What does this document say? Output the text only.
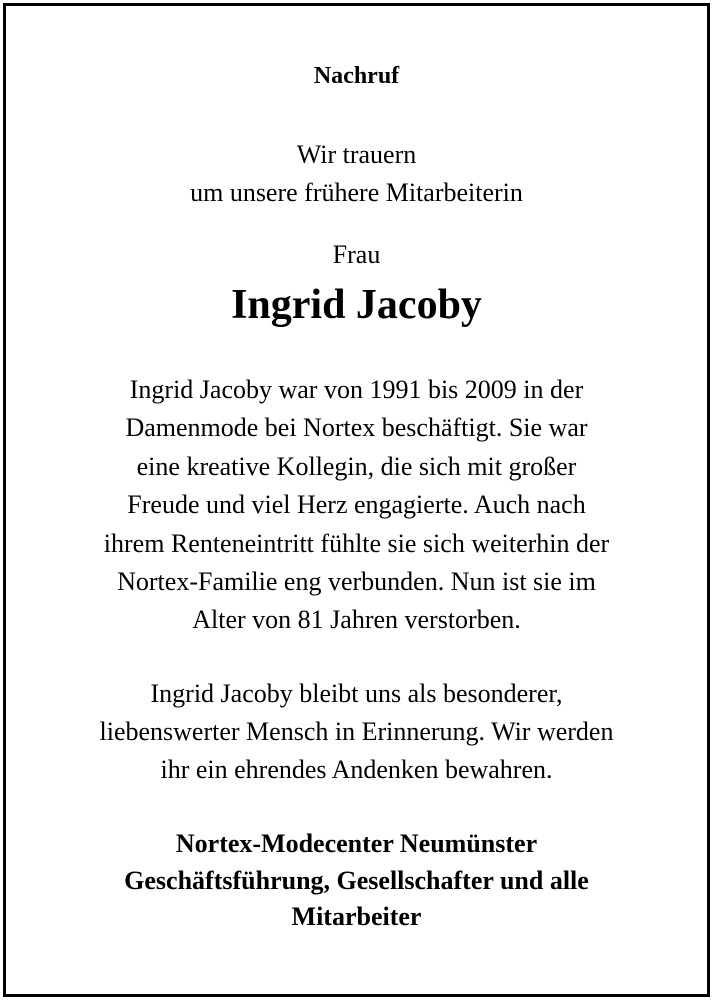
Nachruf
Wir trauern
um unsere frühere Mitarbeiterin
Frau
Ingrid Jacoby
Ingrid Jacoby war von 1991 bis 2009 in der
Damenmode bei Nortex beschäftigt. Sie war
eine kreative Kollegin, die sich mit großer
Freude und viel Herz engagierte. Auch nach
ihrem Renteneintritt fühlte sie sich weiterhin der
Nortex-Familie eng verbunden. Nun ist sie im
Alter von 81 Jahren verstorben.
Ingrid Jacoby bleibt uns als besonderer,
liebenswerter Mensch in Erinnerung. Wir werden
ihr ein ehrendes Andenken bewahren.
Nortex-Modecenter Neumünster
Geschäftsführung, Gesellschafter und alle
Mitarbeiter
